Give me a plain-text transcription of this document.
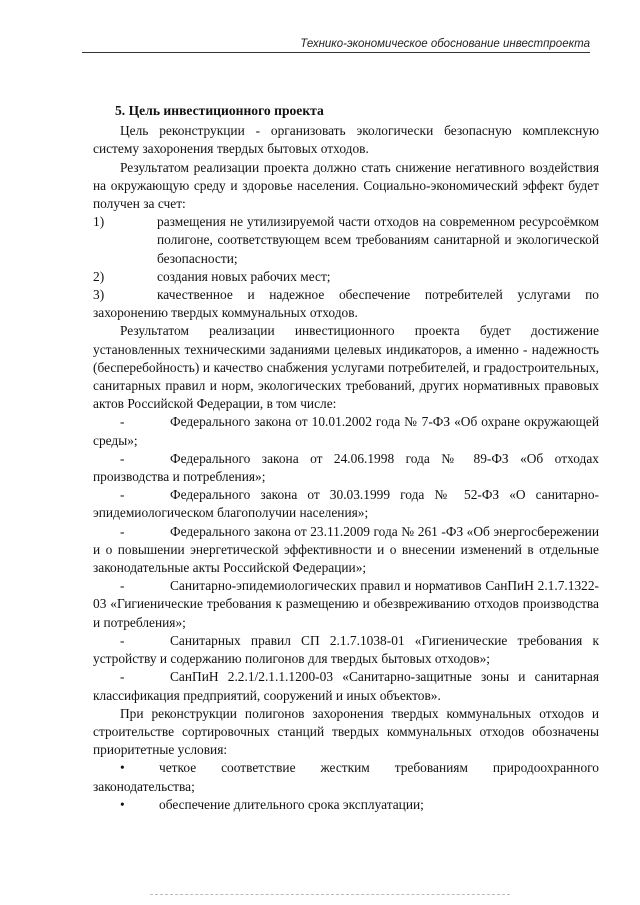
Технико-экономическое обоснование инвестпроекта
5. Цель инвестиционного проекта

Цель реконструкции - организовать экологически безопасную комплексную систему захоронения твердых бытовых отходов.

Результатом реализации проекта должно стать снижение негативного воздействия на окружающую среду и здоровье населения. Социально-экономический эффект будет получен за счет:

1)	размещения не утилизируемой части отходов на современном ресурсоёмком полигоне, соответствующем всем требованиям санитарной и экологической безопасности;

2)	создания новых рабочих мест;

3)	качественное и надежное обеспечение потребителей услугами по захоронению твердых коммунальных отходов.

Результатом реализации инвестиционного проекта будет достижение установленных техническими заданиями целевых индикаторов, а именно - надежность (бесперебойность) и качество снабжения услугами потребителей, и градостроительных, санитарных правил и норм, экологических требований, других нормативных правовых актов Российской Федерации, в том числе:

-	Федерального закона от 10.01.2002 года № 7-ФЗ «Об охране окружающей среды»;

-	Федерального закона от 24.06.1998 года № 89-ФЗ «Об отходах производства и потребления»;

-	Федерального закона от 30.03.1999 года № 52-ФЗ «О санитарно-эпидемиологическом благополучии населения»;

-	Федерального закона от 23.11.2009 года № 261 -ФЗ «Об энергосбережении и о повышении энергетической эффективности и о внесении изменений в отдельные законодательные акты Российской Федерации»;

-	Санитарно-эпидемиологических правил и нормативов СанПиН 2.1.7.1322-03 «Гигиенические требования к размещению и обезвреживанию отходов производства и потребления»;

-	Санитарных правил СП 2.1.7.1038-01 «Гигиенические требования к устройству и содержанию полигонов для твердых бытовых отходов»;

-	СанПиН 2.2.1/2.1.1.1200-03 «Санитарно-защитные зоны и санитарная классификация предприятий, сооружений и иных объектов».

При реконструкции полигонов захоронения твердых коммунальных отходов и строительстве сортировочных станций твердых коммунальных отходов обозначены приоритетные условия:

•	четкое соответствие жестким требованиям природоохранного законодательства;

•	обеспечение длительного срока эксплуатации;
